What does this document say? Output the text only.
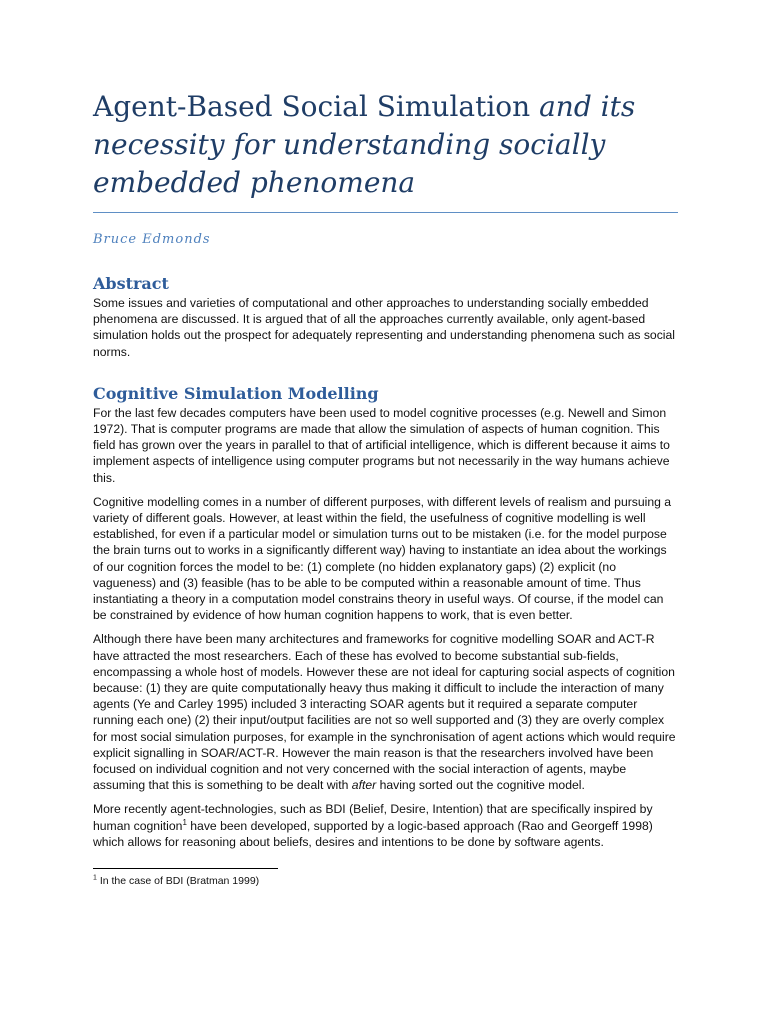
Agent-Based Social Simulation and its necessity for understanding socially embedded phenomena
Bruce Edmonds
Abstract

Some issues and varieties of computational and other approaches to understanding socially embedded phenomena are discussed. It is argued that of all the approaches currently available, only agent-based simulation holds out the prospect for adequately representing and understanding phenomena such as social norms.

Cognitive Simulation Modelling

For the last few decades computers have been used to model cognitive processes (e.g. Newell and Simon 1972). That is computer programs are made that allow the simulation of aspects of human cognition. This field has grown over the years in parallel to that of artificial intelligence, which is different because it aims to implement aspects of intelligence using computer programs but not necessarily in the way humans achieve this.

Cognitive modelling comes in a number of different purposes, with different levels of realism and pursuing a variety of different goals. However, at least within the field, the usefulness of cognitive modelling is well established, for even if a particular model or simulation turns out to be mistaken (i.e. for the model purpose the brain turns out to works in a significantly different way) having to instantiate an idea about the workings of our cognition forces the model to be: (1) complete (no hidden explanatory gaps) (2) explicit (no vagueness) and (3) feasible (has to be able to be computed within a reasonable amount of time. Thus instantiating a theory in a computation model constrains theory in useful ways. Of course, if the model can be constrained by evidence of how human cognition happens to work, that is even better.

Although there have been many architectures and frameworks for cognitive modelling SOAR and ACT-R have attracted the most researchers. Each of these has evolved to become substantial sub-fields, encompassing a whole host of models. However these are not ideal for capturing social aspects of cognition because: (1) they are quite computationally heavy thus making it difficult to include the interaction of many agents (Ye and Carley 1995) included 3 interacting SOAR agents but it required a separate computer running each one) (2) their input/output facilities are not so well supported and (3) they are overly complex for most social simulation purposes, for example in the synchronisation of agent actions which would require explicit signalling in SOAR/ACT-R. However the main reason is that the researchers involved have been focused on individual cognition and not very concerned with the social interaction of agents, maybe assuming that this is something to be dealt with after having sorted out the cognitive model.

More recently agent-technologies, such as BDI (Belief, Desire, Intention) that are specifically inspired by human cognition$^1$ have been developed, supported by a logic-based approach (Rao and Georgeff 1998) which allows for reasoning about beliefs, desires and intentions to be done by software agents.

$^1$ In the case of BDI (Bratman 1999)
